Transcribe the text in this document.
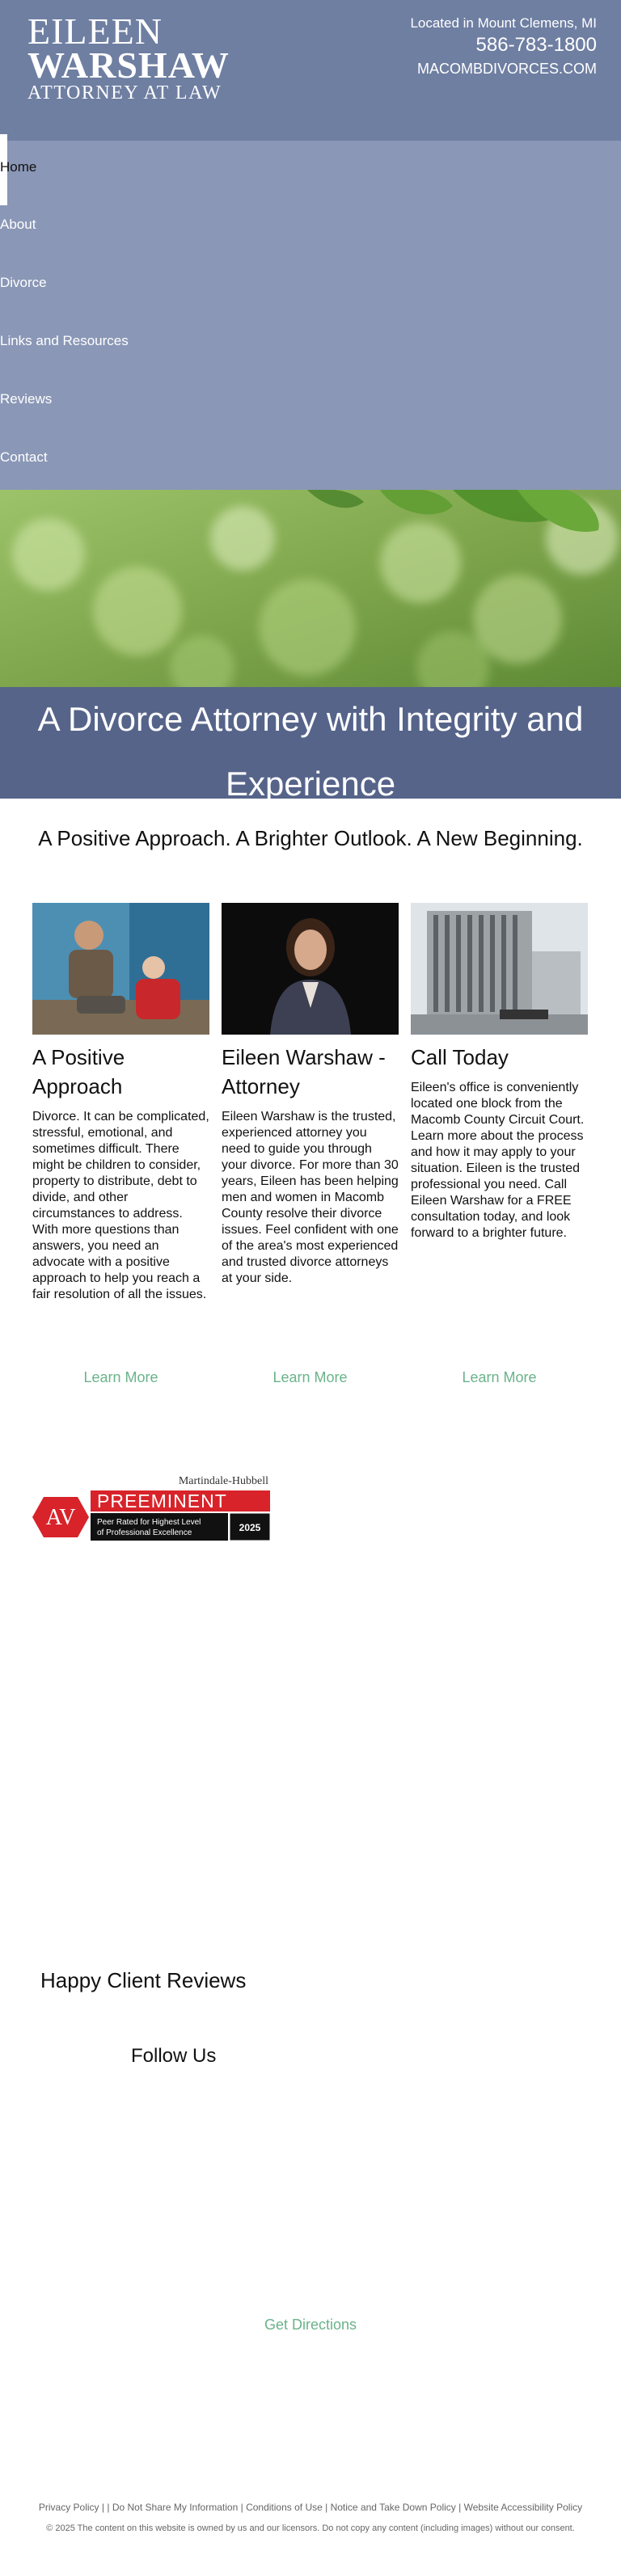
EILEEN
WARSHAW
ATTORNEY AT LAW
Located in Mount Clemens, MI
586-783-1800
MACOMBDIVORCES.COM
Home
About
Divorce
Links and Resources
Reviews
Contact
A Divorce Attorney with Integrity and Experience
A Positive Approach. A Brighter Outlook. A New Beginning.
A Positive Approach

Divorce. It can be complicated, stressful, emotional, and sometimes difficult. There might be children to consider, property to distribute, debt to divide, and other circumstances to address. With more questions than answers, you need an advocate with a positive approach to help you reach a fair resolution of all the issues.

Eileen Warshaw - Attorney

Eileen Warshaw is the trusted, experienced attorney you need to guide you through your divorce. For more than 30 years, Eileen has been helping men and women in Macomb County resolve their divorce issues. Feel confident with one of the area's most experienced and trusted divorce attorneys at your side.

Call Today

Eileen's office is conveniently located one block from the Macomb County Circuit Court. Learn more about the process and how it may apply to your situation. Eileen is the trusted professional you need. Call Eileen Warshaw for a FREE consultation today, and look forward to a brighter future.

Learn More	Learn More	Learn More
Martindale-Hubbell
AV
PREEMINENT
Peer Rated for Highest Level
of Professional Excellence	2025
Happy Client Reviews
Follow Us
Get Directions
Privacy Policy | | Do Not Share My Information | Conditions of Use | Notice and Take Down Policy | Website Accessibility Policy
© 2025 The content on this website is owned by us and our licensors. Do not copy any content (including images) without our consent.
